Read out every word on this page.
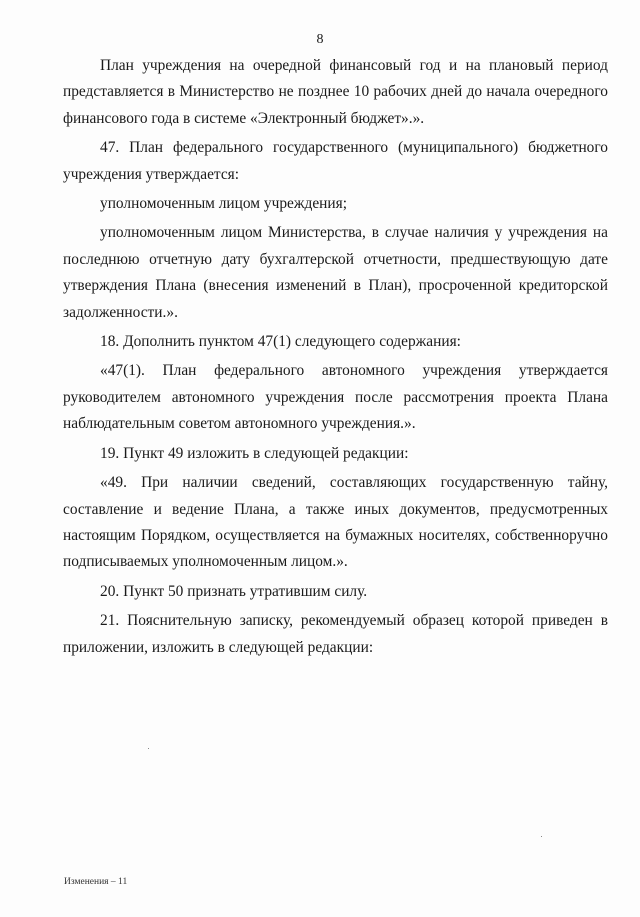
8

План учреждения на очередной финансовый год и на плановый период представляется в Министерство не позднее 10 рабочих дней до начала очередного финансового года в системе «Электронный бюджет».».

47. План федерального государственного (муниципального) бюджетного учреждения утверждается:

уполномоченным лицом учреждения;

уполномоченным лицом Министерства, в случае наличия у учреждения на последнюю отчетную дату бухгалтерской отчетности, предшествующую дате утверждения Плана (внесения изменений в План), просроченной кредиторской задолженности.».

18. Дополнить пунктом 47(1) следующего содержания:

«47(1). План федерального автономного учреждения утверждается руководителем автономного учреждения после рассмотрения проекта Плана наблюдательным советом автономного учреждения.».

19. Пункт 49 изложить в следующей редакции:

«49. При наличии сведений, составляющих государственную тайну, составление и ведение Плана, а также иных документов, предусмотренных настоящим Порядком, осуществляется на бумажных носителях, собственноручно подписываемых уполномоченным лицом.».

20. Пункт 50 признать утратившим силу.

21. Пояснительную записку, рекомендуемый образец которой приведен в приложении, изложить в следующей редакции:

Изменения – 11
